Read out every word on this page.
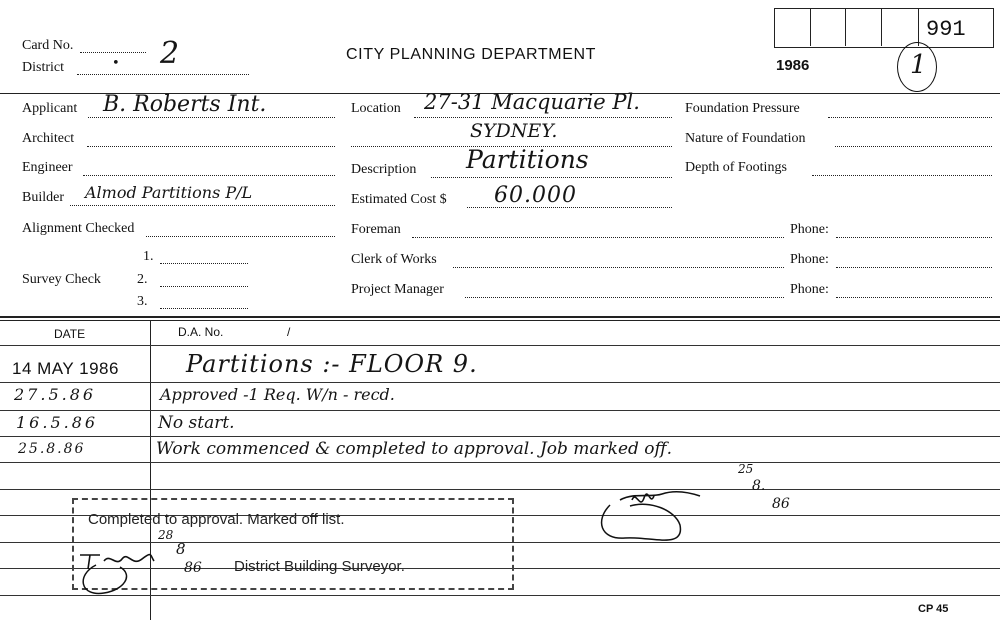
Card No.	2
District	•
CITY PLANNING DEPARTMENT
1986
991
1
Applicant B. Roberts Int.
Architect
Engineer
Builder Almod Partitions P/L
Alignment Checked
Survey Check
1.
2.
3.
Location 27-31 Macquarie Pl.
SYDNEY.
Description Partitions
Estimated Cost $ 60.000
Foreman
Clerk of Works
Project Manager
Foundation Pressure
Nature of Foundation
Depth of Footings
Phone:
Phone:
Phone:
DATE	D.A. No.	/
14 MAY 1986	Partitions :- FLOOR 9.
27.5.86	Approved -1 Req. W/n - recd.
16.5.86	No start.
25.8.86	Work commenced & completed to approval. Job marked off.
25
8.
86
Completed to approval. Marked off list.
28
8
86 District Building Surveyor.
CP 45
